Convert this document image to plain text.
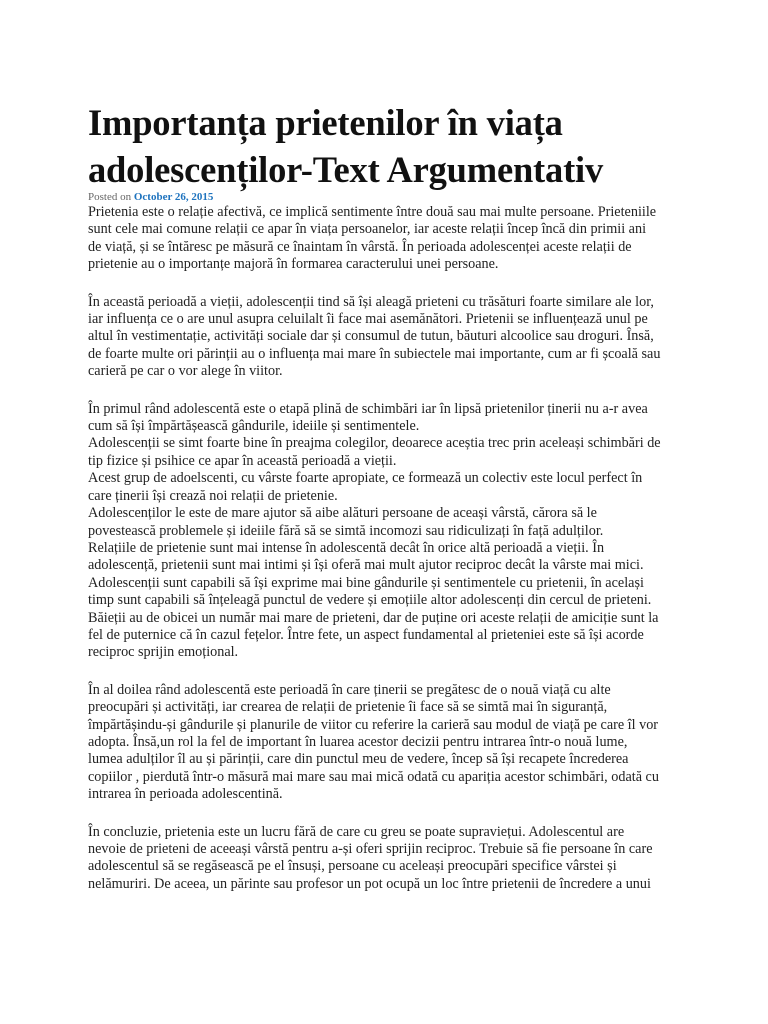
Importanța prietenilor în viața adolescenților-Text Argumentativ
Posted on October 26, 2015

Prietenia este o relație afectivă, ce implică sentimente între două sau mai multe persoane. Prieteniile sunt cele mai comune relații ce apar în viața persoanelor, iar aceste relații încep încă din primii ani de viață, și se întăresc pe măsură ce înaintam în vârstă. În perioada adolescenței aceste relații de prietenie au o importanțe majoră în formarea caracterului unei persoane.

În această perioadă a vieții, adolescenții tind să își aleagă prieteni cu trăsături foarte similare ale lor, iar influența ce o are unul asupra celuilalt îi face mai asemănători. Prietenii se influențează unul pe altul în vestimentație, activități sociale dar și consumul de tutun, băuturi alcoolice sau droguri. Însă, de foarte multe ori părinții au o influența mai mare în subiectele mai importante, cum ar fi școală sau carieră pe car o vor alege în viitor.

În primul rând adolescentă este o etapă plină de schimbări iar în lipsă prietenilor ținerii nu a-r avea cum să își împărtășească gândurile, ideiile și sentimentele.

Adolescenții se simt foarte bine în preajma colegilor, deoarece aceștia trec prin aceleași schimbări de tip fizice și psihice ce apar în această perioadă a vieții.

Acest grup de adoelscenti, cu vârste foarte apropiate, ce formează un colectiv este locul perfect în care ținerii își crează noi relații de prietenie.

Adolescenților le este de mare ajutor să aibe alături persoane de aceași vârstă, cărora să le povestească problemele și ideiile fără să se simtă incomozi sau ridiculizați în față adulților.

Relațiile de prietenie sunt mai intense în adolescentă decât în orice altă perioadă a vieții. În adolescență, prietenii sunt mai intimi și își oferă mai mult ajutor reciproc decât la vârste mai mici.

Adolescenții sunt capabili să își exprime mai bine gândurile și sentimentele cu prietenii, în același timp sunt capabili să înțeleagă punctul de vedere și emoțiile altor adolescenți din cercul de prieteni.

Băieții au de obicei un număr mai mare de prieteni, dar de puține ori aceste relații de amiciție sunt la fel de puternice că în cazul fețelor. Între fete, un aspect fundamental al prieteniei este să își acorde reciproc sprijin emoțional.

În al doilea rând adolescentă este perioadă în care ținerii se pregătesc de o nouă viață cu alte preocupări și activități, iar crearea de relații de prietenie îi face să se simtă mai în siguranță, împărtășindu-și gândurile și planurile de viitor cu referire la carieră sau modul de viață pe care îl vor adopta. Însă,un rol la fel de important în luarea acestor decizii pentru intrarea într-o nouă lume, lumea adulților îl au și părinții, care din punctul meu de vedere, încep să își recapete încrederea copiilor , pierdută într-o măsură mai mare sau mai mică odată cu apariția acestor schimbări, odată cu intrarea în perioada adolescentină.

În concluzie, prietenia este un lucru fără de care cu greu se poate supraviețui. Adolescentul are nevoie de prieteni de aceeași vârstă pentru a-și oferi sprijin reciproc. Trebuie să fie persoane în care adolescentul să se regăsească pe el însuși, persoane cu aceleași preocupări specifice vârstei și nelămuriri. De aceea, un părinte sau profesor un pot ocupă un loc între prietenii de încredere a unui
